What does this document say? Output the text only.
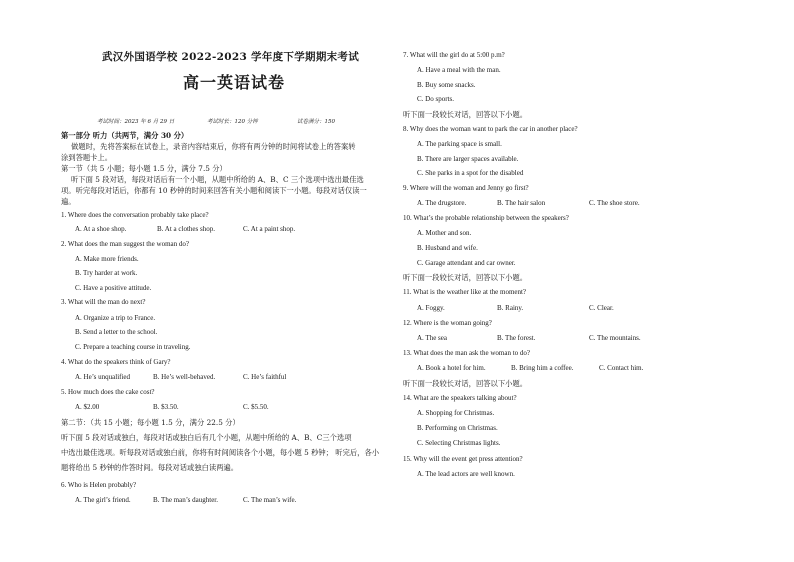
武汉外国语学校 2022-2023 学年度下学期期末考试
高一英语试卷
考试时间：2023 年 6 月 29 日	考试时长：120 分钟	试卷满分：150
第一部分 听力（共两节，满分 30 分）
做题时，先将答案标在试卷上，录音内容结束后，你将有两分钟的时间将试卷上的答案转
涂到答题卡上。
第一节（共 5 小题；每小题 1.5 分，满分 7.5 分）
听下面 5 段对话，每段对话后有一个小题，从题中所给的 A、B、C 三个选项中选出最佳选
项。听完每段对话后，你都有 10 秒钟的时间来回答有关小题和阅读下一小题。每段对话仅读一
遍。
1. Where does the conversation probably take place?
A. At a shoe shop.	B. At a clothes shop.	C. At a paint shop.
2. What does the man suggest the woman do?
A. Make more friends.
B. Try harder at work.
C. Have a positive attitude.
3. What will the man do next?
A. Organize a trip to France.
B. Send a letter to the school.
C. Prepare a teaching course in traveling.
4. What do the speakers think of Gary?
A. He’s unqualified	B. He’s well-behaved.	C. He’s faithful
5. How much does the cake cost?
A. $2.00	B. $3.50.	C. $5.50.
第二节：（共 15 小题；每小题 1.5 分，满分 22.5 分）
听下面 5 段对话或独白，每段对话或独白后有几个小题，从题中所给的 A、B、C三个选项
中选出最佳选项。听每段对话或独白前，你将有时间阅读各个小题，每小题 5 秒钟； 听完后，各小
题将给出 5 秒钟的作答时间。每段对话或独白读两遍。
6. Who is Helen probably?
A. The girl’s friend.	B. The man’s daughter.	C. The man’s wife.
7. What will the girl do at 5:00 p.m?
A. Have a meal with the man.
B. Buy some snacks.
C. Do sports.
听下面一段较长对话，回答以下小题。
8. Why does the woman want to park the car in another place?
A. The parking space is small.
B. There are larger spaces available.
C. She parks in a spot for the disabled
9. Where will the woman and Jenny go first?
A. The drugstore.	B. The hair salon	C. The shoe store.
10. What’s the probable relationship between the speakers?
A. Mother and son.
B. Husband and wife.
C. Garage attendant and car owner.
听下面一段较长对话，回答以下小题。
11. What is the weather like at the moment?
A. Foggy.	B. Rainy.	C. Clear.
12. Where is the woman going?
A. The sea	B. The forest.	C. The mountains.
13. What does the man ask the woman to do?
A. Book a hotel for him.	B. Bring him a coffee.	C. Contact him.
听下面一段较长对话，回答以下小题。
14. What are the speakers talking about?
A. Shopping for Christmas.
B. Performing on Christmas.
C. Selecting Christmas lights.
15. Why will the event get press attention?
A. The lead actors are well known.
